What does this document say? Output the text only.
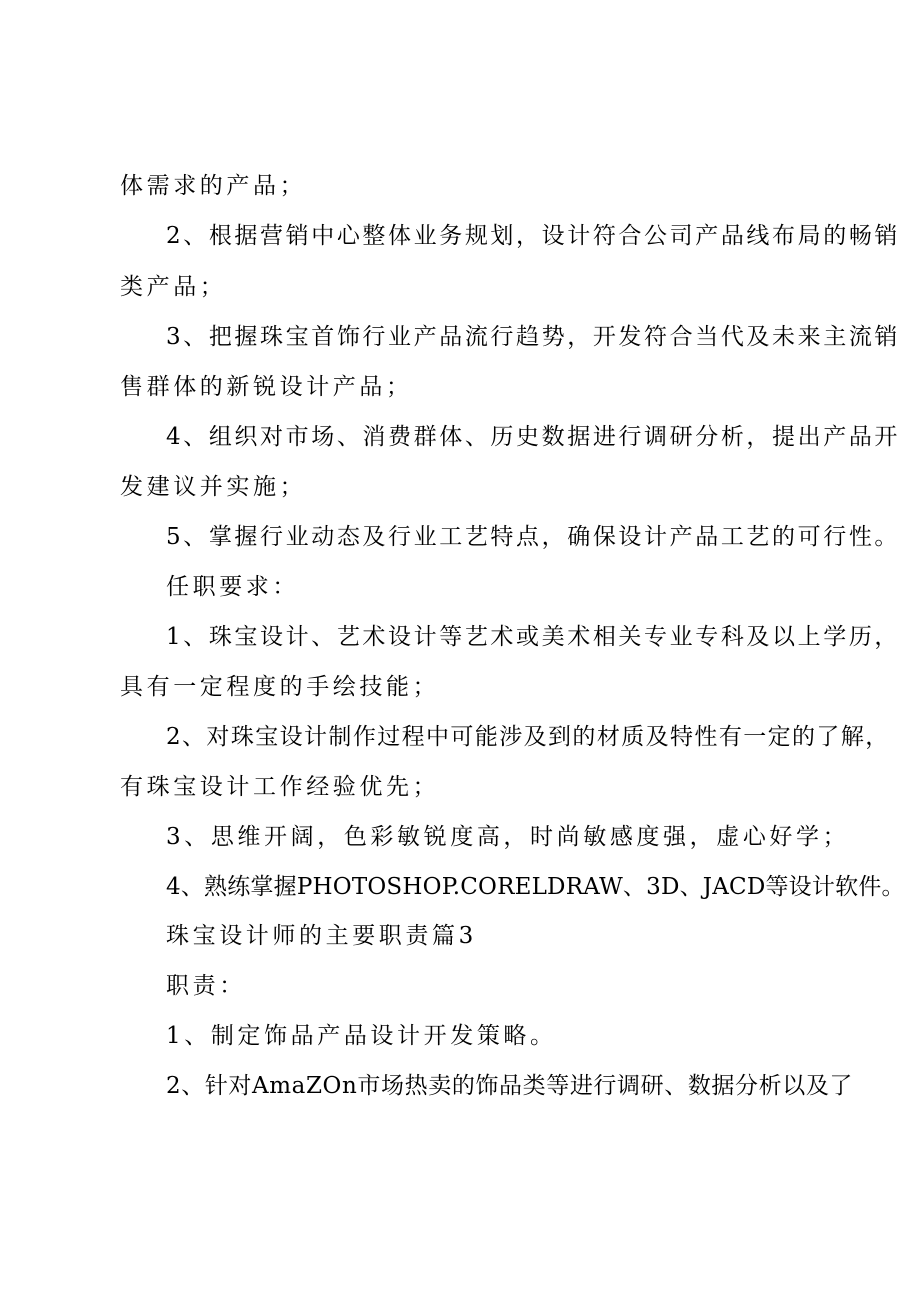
体需求的产品；
2、根据营销中心整体业务规划，设计符合公司产品线布局的畅销
类产品；
3、把握珠宝首饰行业产品流行趋势，开发符合当代及未来主流销
售群体的新锐设计产品；
4、组织对市场、消费群体、历史数据进行调研分析，提出产品开
发建议并实施；
5、掌握行业动态及行业工艺特点，确保设计产品工艺的可行性。
任职要求：
1、珠宝设计、艺术设计等艺术或美术相关专业专科及以上学历，
具有一定程度的手绘技能；
2、对珠宝设计制作过程中可能涉及到的材质及特性有一定的了解，
有珠宝设计工作经验优先；
3、思维开阔，色彩敏锐度高，时尚敏感度强，虚心好学；
4、熟练掌握PHOTOSHOP.CORELDRAW、3D、JACD等设计软件。
珠宝设计师的主要职责篇3
职责：
1、制定饰品产品设计开发策略。
2、针对AmaZOn市场热卖的饰品类等进行调研、数据分析以及了
